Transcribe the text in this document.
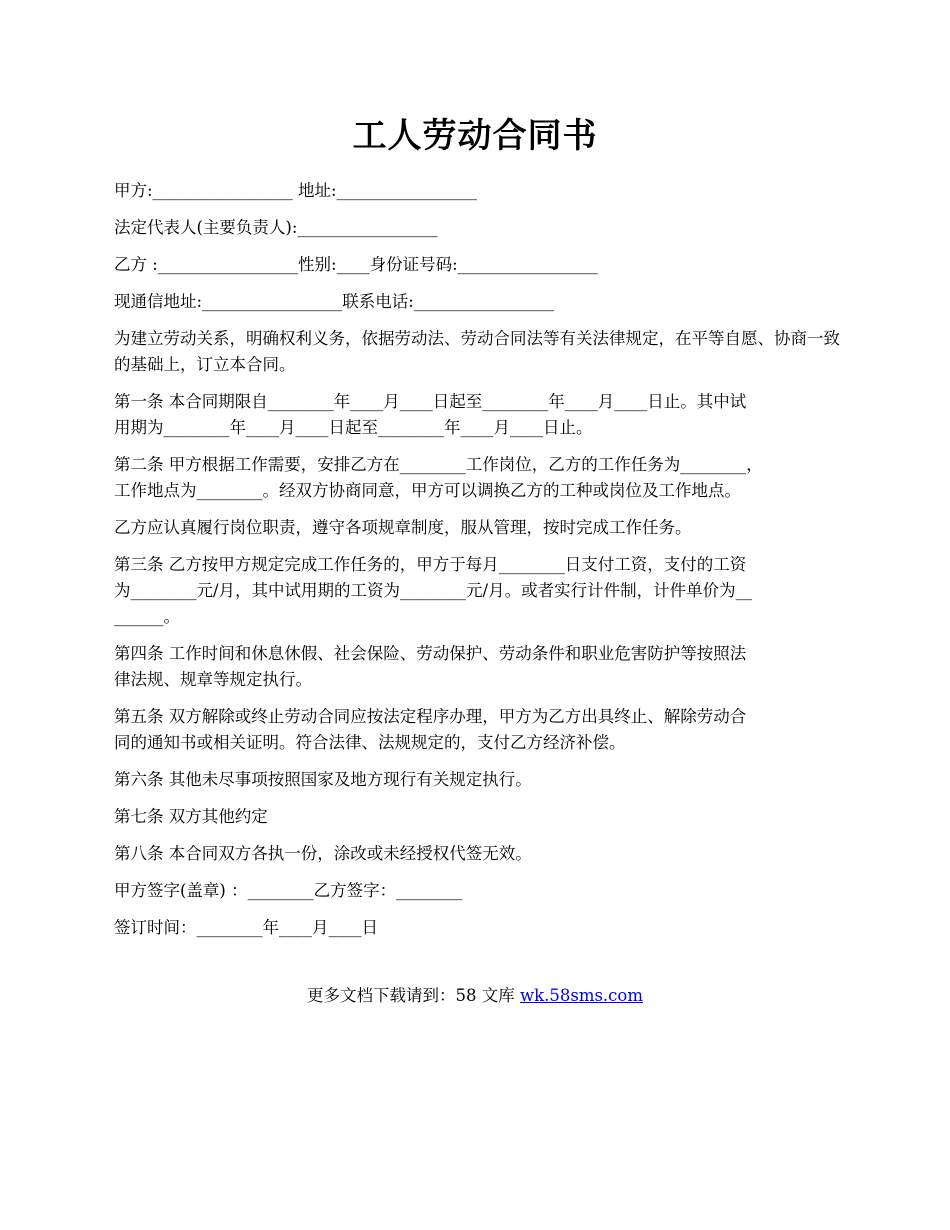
工人劳动合同书

甲方:_________________ 地址:_________________

法定代表人(主要负责人):_________________

乙方 :_________________性别:____身份证号码:_________________

现通信地址:_________________联系电话:_________________

为建立劳动关系，明确权利义务，依据劳动法、劳动合同法等有关法律规定，在平等自愿、协商一致的基础上，订立本合同。

第一条 本合同期限自________年____月____日起至________年____月____日止。其中试
用期为________年____月____日起至________年____月____日止。

第二条 甲方根据工作需要，安排乙方在________工作岗位，乙方的工作任务为________，
工作地点为________。经双方协商同意，甲方可以调换乙方的工种或岗位及工作地点。

乙方应认真履行岗位职责，遵守各项规章制度，服从管理，按时完成工作任务。

第三条 乙方按甲方规定完成工作任务的，甲方于每月________日支付工资，支付的工资
为________元/月，其中试用期的工资为________元/月。或者实行计件制，计件单价为__
______。

第四条 工作时间和休息休假、社会保险、劳动保护、劳动条件和职业危害防护等按照法
律法规、规章等规定执行。

第五条 双方解除或终止劳动合同应按法定程序办理，甲方为乙方出具终止、解除劳动合
同的通知书或相关证明。符合法律、法规规定的，支付乙方经济补偿。

第六条 其他未尽事项按照国家及地方现行有关规定执行。

第七条 双方其他约定

第八条 本合同双方各执一份，涂改或未经授权代签无效。

甲方签字(盖章) ：________乙方签字：________

签订时间：________年____月____日

更多文档下载请到：58 文库 wk.58sms.com
